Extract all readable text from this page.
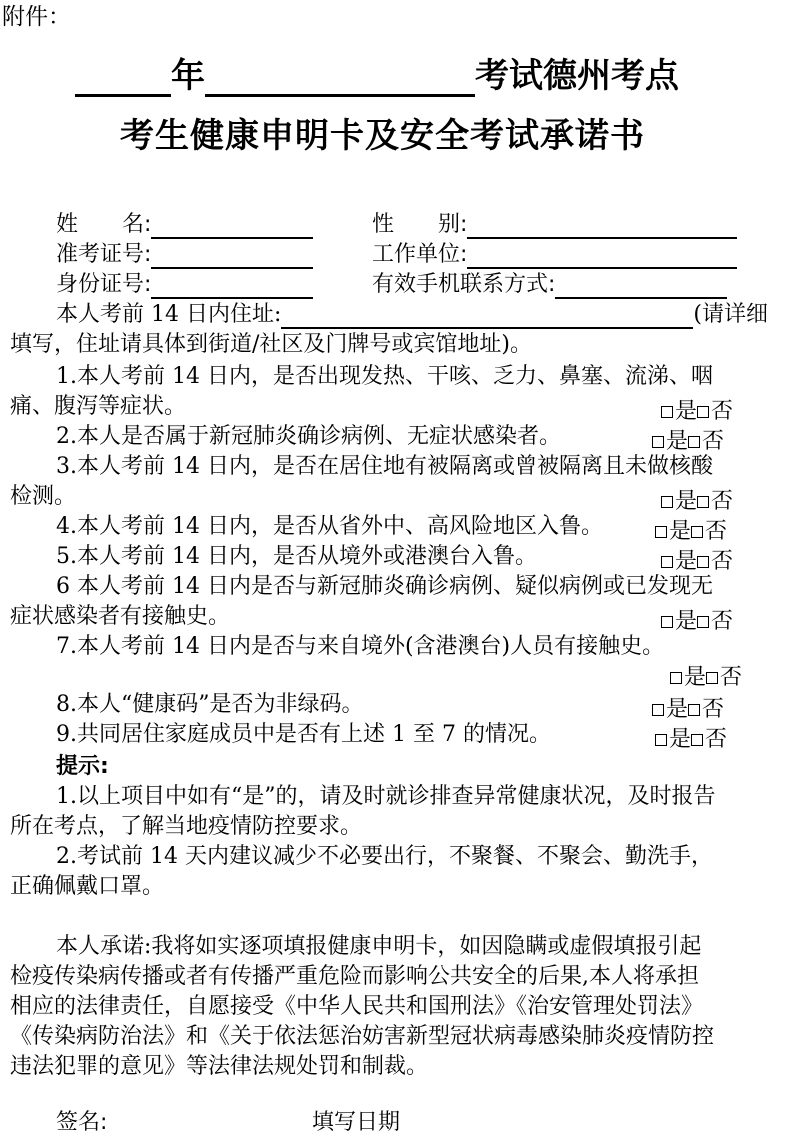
附件：
年	考试德州考点
考生健康申明卡及安全考试承诺书
姓　　名:	性　　别:
准考证号:	工作单位:
身份证号:	有效手机联系方式:
本人考前 14 日内住址:	(请详细
填写，住址请具体到街道/社区及门牌号或宾馆地址)。
1.本人考前 14 日内，是否出现发热、干咳、乏力、鼻塞、流涕、咽
痛、腹泻等症状。	是 否
2.本人是否属于新冠肺炎确诊病例、无症状感染者。	是 否
3.本人考前 14 日内，是否在居住地有被隔离或曾被隔离且未做核酸
检测。	是 否
4.本人考前 14 日内，是否从省外中、高风险地区入鲁。	是 否
5.本人考前 14 日内，是否从境外或港澳台入鲁。	是 否
6 本人考前 14 日内是否与新冠肺炎确诊病例、疑似病例或已发现无
症状感染者有接触史。	是 否
7.本人考前 14 日内是否与来自境外(含港澳台)人员有接触史。
是 否
8.本人“健康码”是否为非绿码。	是 否
9.共同居住家庭成员中是否有上述 1 至 7 的情况。	是 否
提示:
1.以上项目中如有“是”的，请及时就诊排查异常健康状况，及时报告
所在考点，了解当地疫情防控要求。
2.考试前 14 天内建议减少不必要出行，不聚餐、不聚会、勤洗手，
正确佩戴口罩。
本人承诺:我将如实逐项填报健康申明卡，如因隐瞒或虚假填报引起
检疫传染病传播或者有传播严重危险而影响公共安全的后果,本人将承担
相应的法律责任，自愿接受《中华人民共和国刑法》《治安管理处罚法》
《传染病防治法》和《关于依法惩治妨害新型冠状病毒感染肺炎疫情防控
违法犯罪的意见》等法律法规处罚和制裁。
签名:	填写日期
